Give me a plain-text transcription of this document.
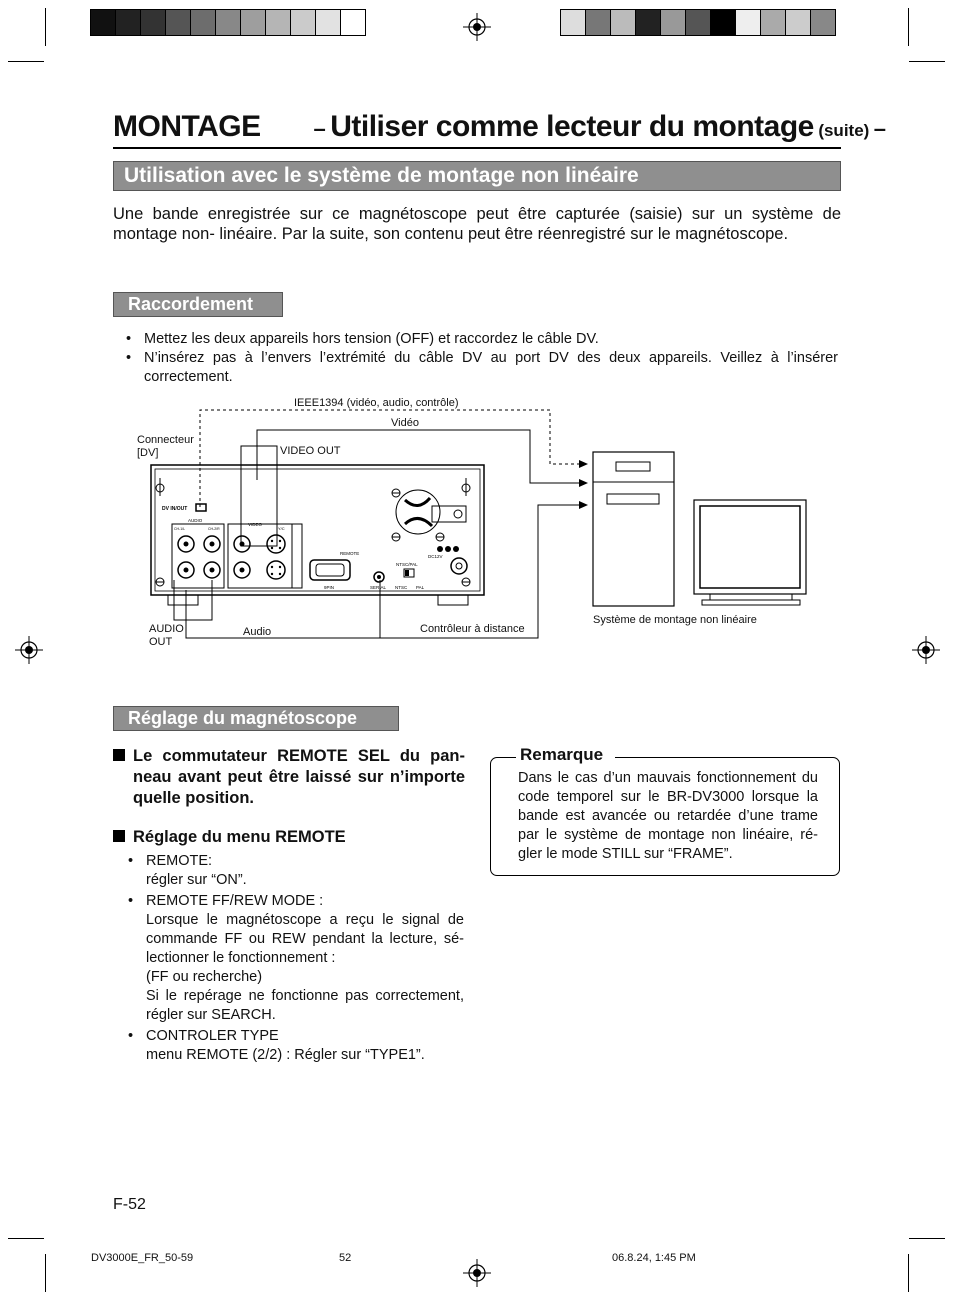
MONTAGE – Utiliser comme lecteur du montage (suite) –
Utilisation avec le système de montage non linéaire
Une bande enregistrée sur ce magnétoscope peut être capturée (saisie) sur un système de montage non- linéaire. Par la suite, son contenu peut être réenregistré sur le magnétoscope.
Raccordement
• Mettez les deux appareils hors tension (OFF) et raccordez le câble DV.
• N’insérez pas à l’envers l’extrémité du câble DV au port DV des deux appareils. Veillez à l’insérer correctement.
DV IN/OUT
AUDIO
CH-1/L	CH-2/R
VIDEO
Y/C
REMOTE
9PIN	SERIAL
NTSC/PAL
NTSC PAL
DC12V
IEEE1394 (vidéo, audio, contrôle)
Vidéo
Connecteur
[DV]	VIDEO OUT
AUDIO
OUT
Audio	Contrôleur à distance
Système de montage non linéaire
Réglage du magnétoscope
Le commutateur REMOTE SEL du pan- neau avant peut être laissé sur n’importe quelle position.
Réglage du menu REMOTE
• REMOTE:
régler sur “ON”.
• REMOTE FF/REW MODE :
Lorsque le magnétoscope a reçu le signal de commande FF ou REW pendant la lecture, sé- lectionner le fonctionnement :
(FF ou recherche)
Si le repérage ne fonctionne pas correctement, régler sur SEARCH.
• CONTROLER TYPE
menu REMOTE (2/2) : Régler sur “TYPE1”.
Remarque
Dans le cas d’un mauvais fonctionnement du code temporel sur le BR-DV3000 lorsque la bande est avancée ou retardée d’une trame par le système de montage non linéaire, ré- gler le mode STILL sur “FRAME”.
F-52
DV3000E_FR_50-59	52	06.8.24, 1:45 PM
